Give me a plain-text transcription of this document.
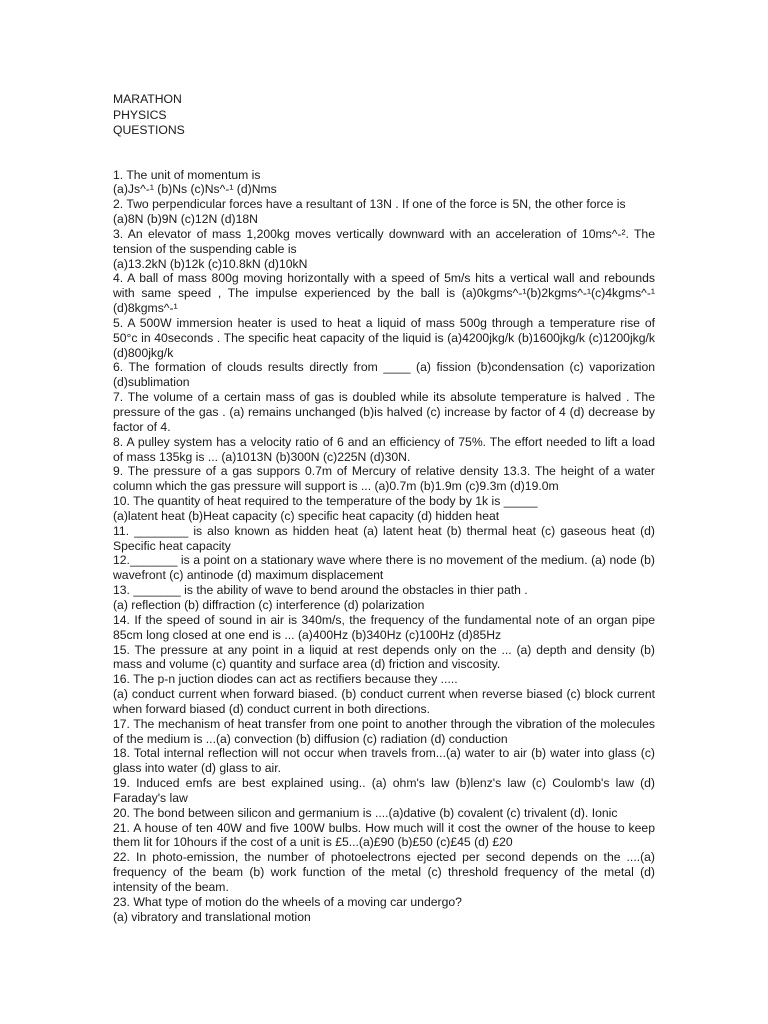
MARATHON
PHYSICS
QUESTIONS

1. The unit of momentum is

(a)Js^-¹ (b)Ns (c)Ns^-¹ (d)Nms

2. Two perpendicular forces have a resultant of 13N . If one of the force is 5N, the other force is

(a)8N (b)9N (c)12N (d)18N

3. An elevator of mass 1,200kg moves vertically downward with an acceleration of 10ms^-². The tension of the suspending cable is

(a)13.2kN (b)12k (c)10.8kN (d)10kN

4. A ball of mass 800g moving horizontally with a speed of 5m/s hits a vertical wall and rebounds with same speed , The impulse experienced by the ball is (a)0kgms^-¹(b)2kgms^-¹(c)4kgms^-¹ (d)8kgms^-¹

5. A 500W immersion heater is used to heat a liquid of mass 500g through a temperature rise of 50°c in 40seconds . The specific heat capacity of the liquid is (a)4200jkg/k (b)1600jkg/k (c)1200jkg/k (d)800jkg/k

6. The formation of clouds results directly from ____ (a) fission (b)condensation (c) vaporization (d)sublimation

7. The volume of a certain mass of gas is doubled while its absolute temperature is halved . The pressure of the gas . (a) remains unchanged (b)is halved (c) increase by factor of 4 (d) decrease by factor of 4.

8. A pulley system has a velocity ratio of 6 and an efficiency of 75%. The effort needed to lift a load of mass 135kg is ... (a)1013N (b)300N (c)225N (d)30N.

9. The pressure of a gas suppors 0.7m of Mercury of relative density 13.3. The height of a water column which the gas pressure will support is ... (a)0.7m (b)1.9m (c)9.3m (d)19.0m

10. The quantity of heat required to the temperature of the body by 1k is _____

(a)latent heat (b)Heat capacity (c) specific heat capacity (d) hidden heat

11. ________ is also known as hidden heat (a) latent heat (b) thermal heat (c) gaseous heat (d) Specific heat capacity

12._______ is a point on a stationary wave where there is no movement of the medium. (a) node (b) wavefront (c) antinode (d) maximum displacement

13. _______ is the ability of wave to bend around the obstacles in thier path .

(a) reflection (b) diffraction (c) interference (d) polarization

14. If the speed of sound in air is 340m/s, the frequency of the fundamental note of an organ pipe 85cm long closed at one end is ... (a)400Hz (b)340Hz (c)100Hz (d)85Hz

15. The pressure at any point in a liquid at rest depends only on the ... (a) depth and density (b) mass and volume (c) quantity and surface area (d) friction and viscosity.

16. The p-n juction diodes can act as rectifiers because they .....

(a) conduct current when forward biased. (b) conduct current when reverse biased (c) block current when forward biased (d) conduct current in both directions.

17. The mechanism of heat transfer from one point to another through the vibration of the molecules of the medium is ...(a) convection (b) diffusion (c) radiation (d) conduction

18. Total internal reflection will not occur when travels from...(a) water to air (b) water into glass (c) glass into water (d) glass to air.

19. Induced emfs are best explained using.. (a) ohm's law (b)lenz's law (c) Coulomb's law (d) Faraday's law

20. The bond between silicon and germanium is ....(a)dative (b) covalent (c) trivalent (d). Ionic

21. A house of ten 40W and five 100W bulbs. How much will it cost the owner of the house to keep them lit for 10hours if the cost of a unit is £5...(a)£90 (b)£50 (c)£45 (d) £20

22. In photo-emission, the number of photoelectrons ejected per second depends on the ....(a) frequency of the beam (b) work function of the metal (c) threshold frequency of the metal (d) intensity of the beam.

23. What type of motion do the wheels of a moving car undergo?

(a) vibratory and translational motion
